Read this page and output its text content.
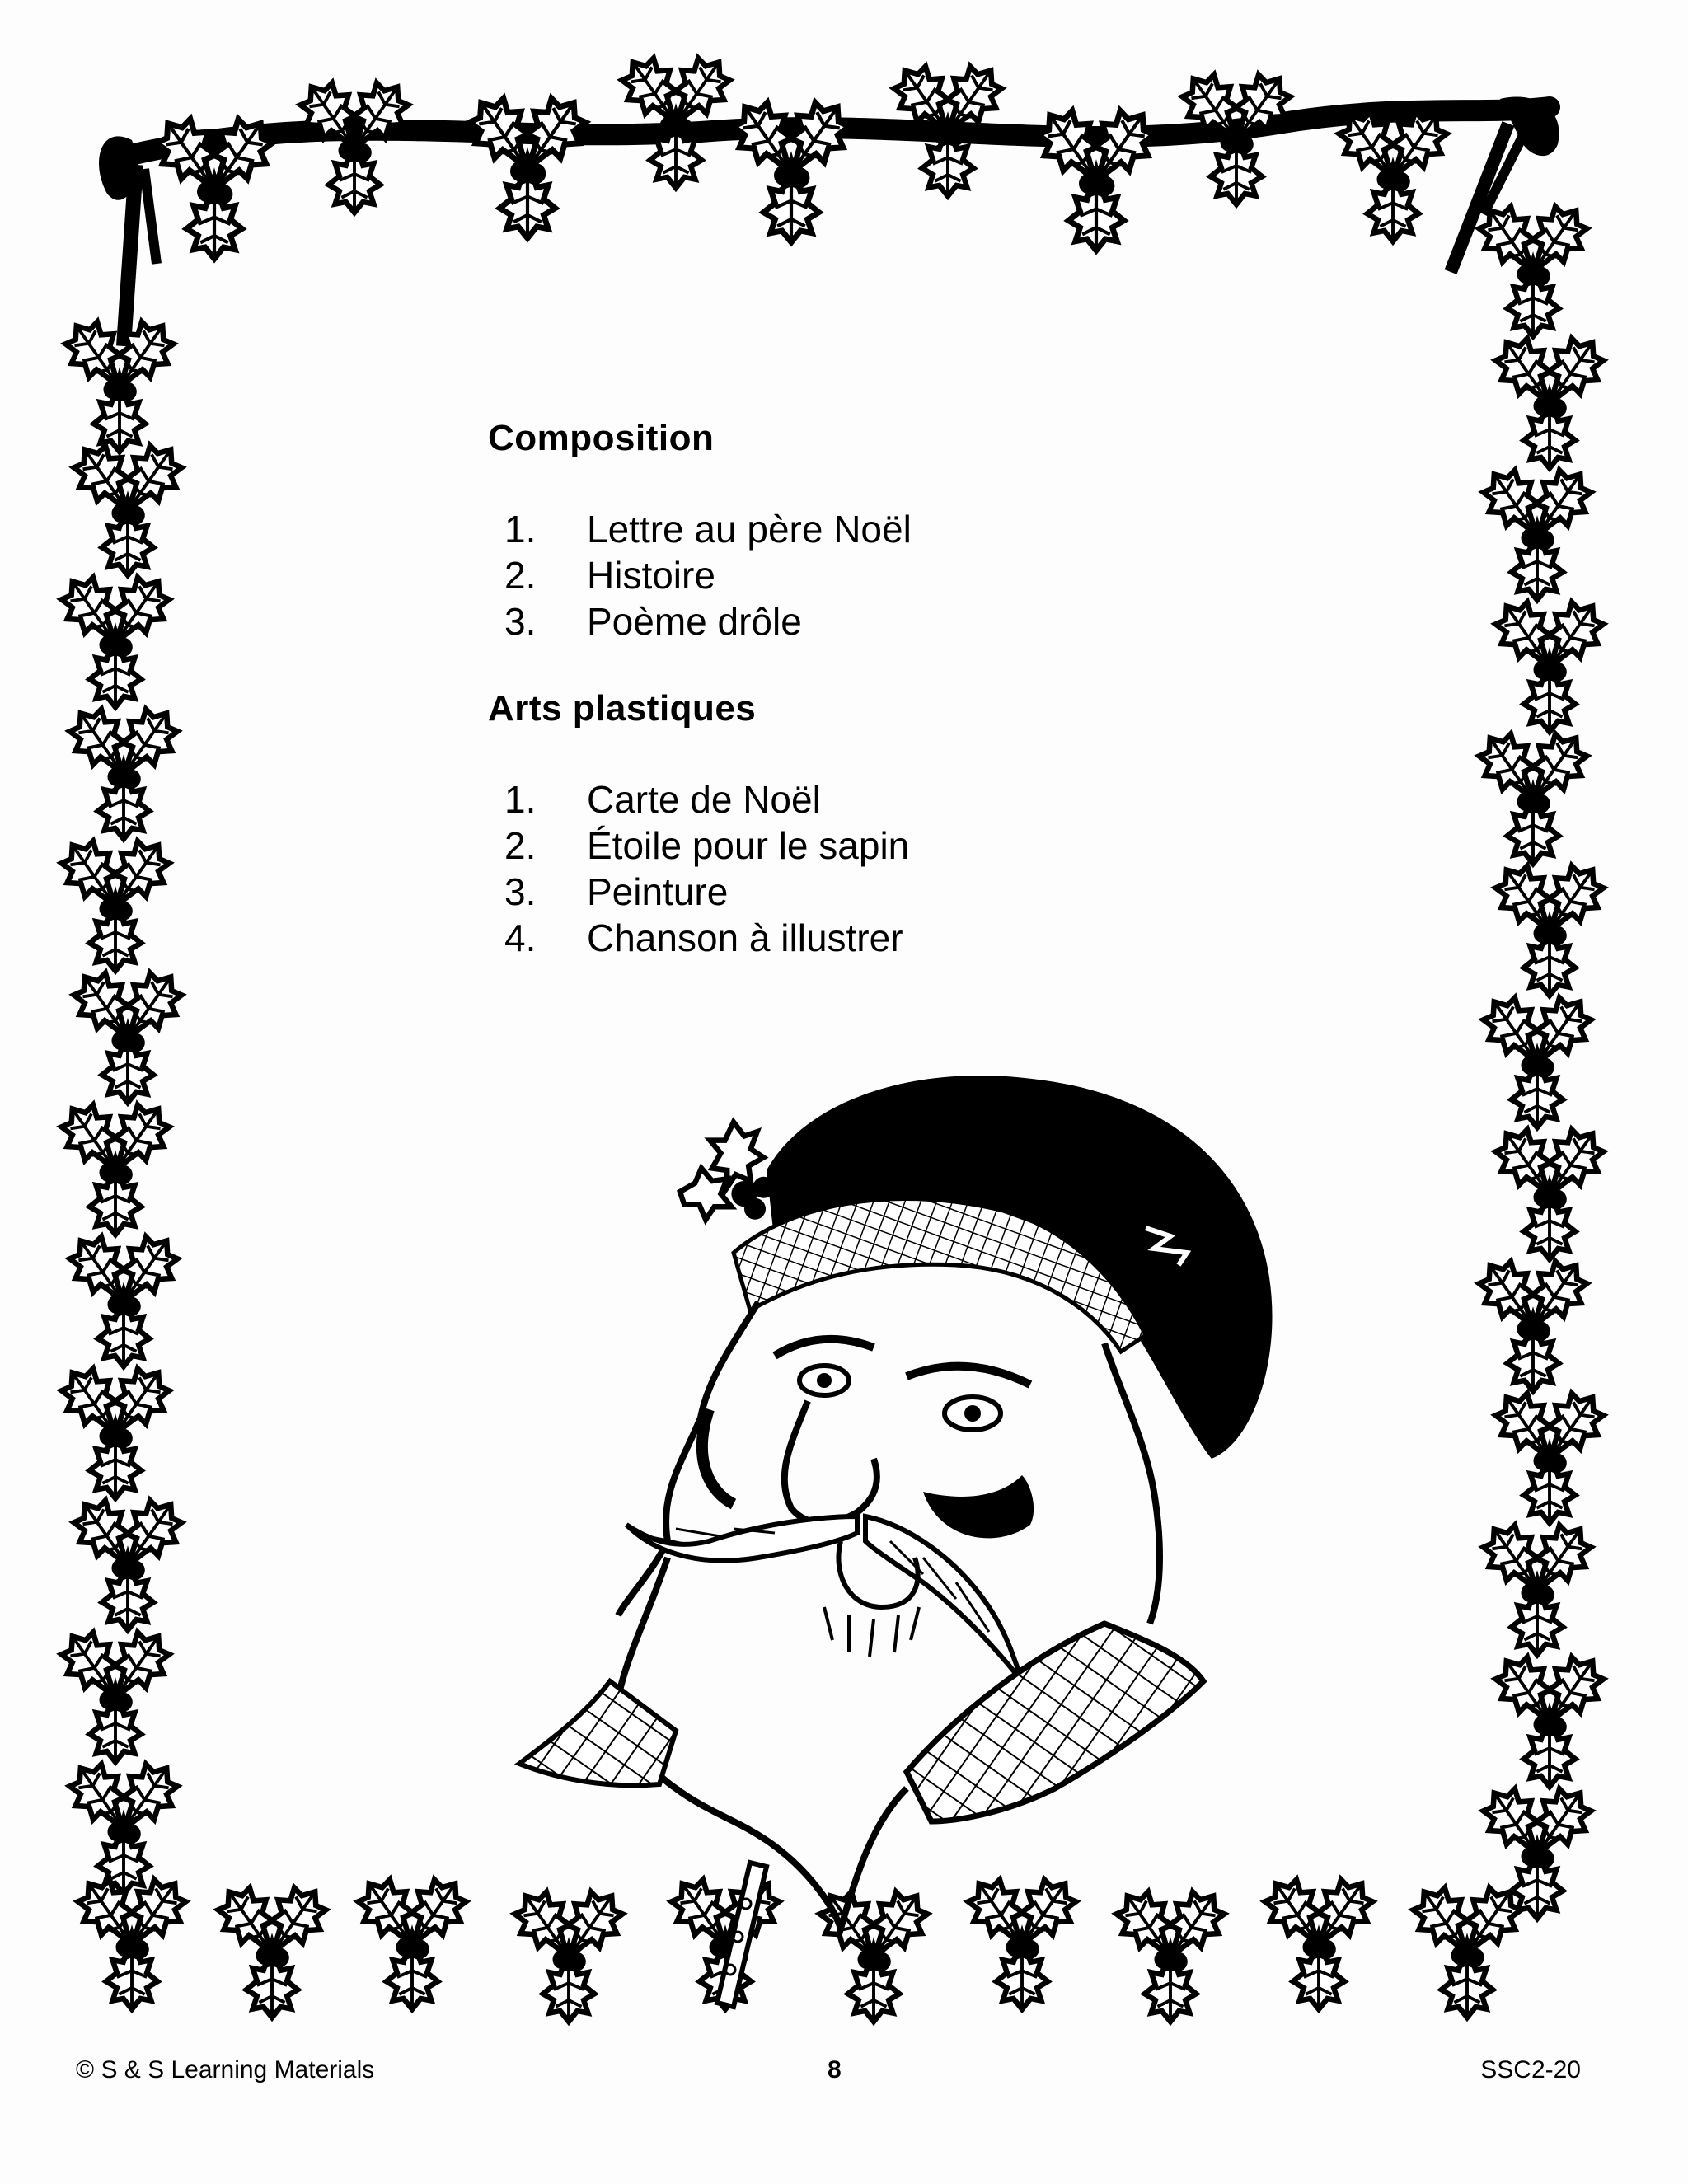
Composition
1.	Lettre au père Noël
2.	Histoire
3.	Poème drôle
Arts plastiques
1.	Carte de Noël
2.	Étoile pour le sapin
3.	Peinture
4.	Chanson à illustrer
© S & S Learning Materials	8	SSC2-20
